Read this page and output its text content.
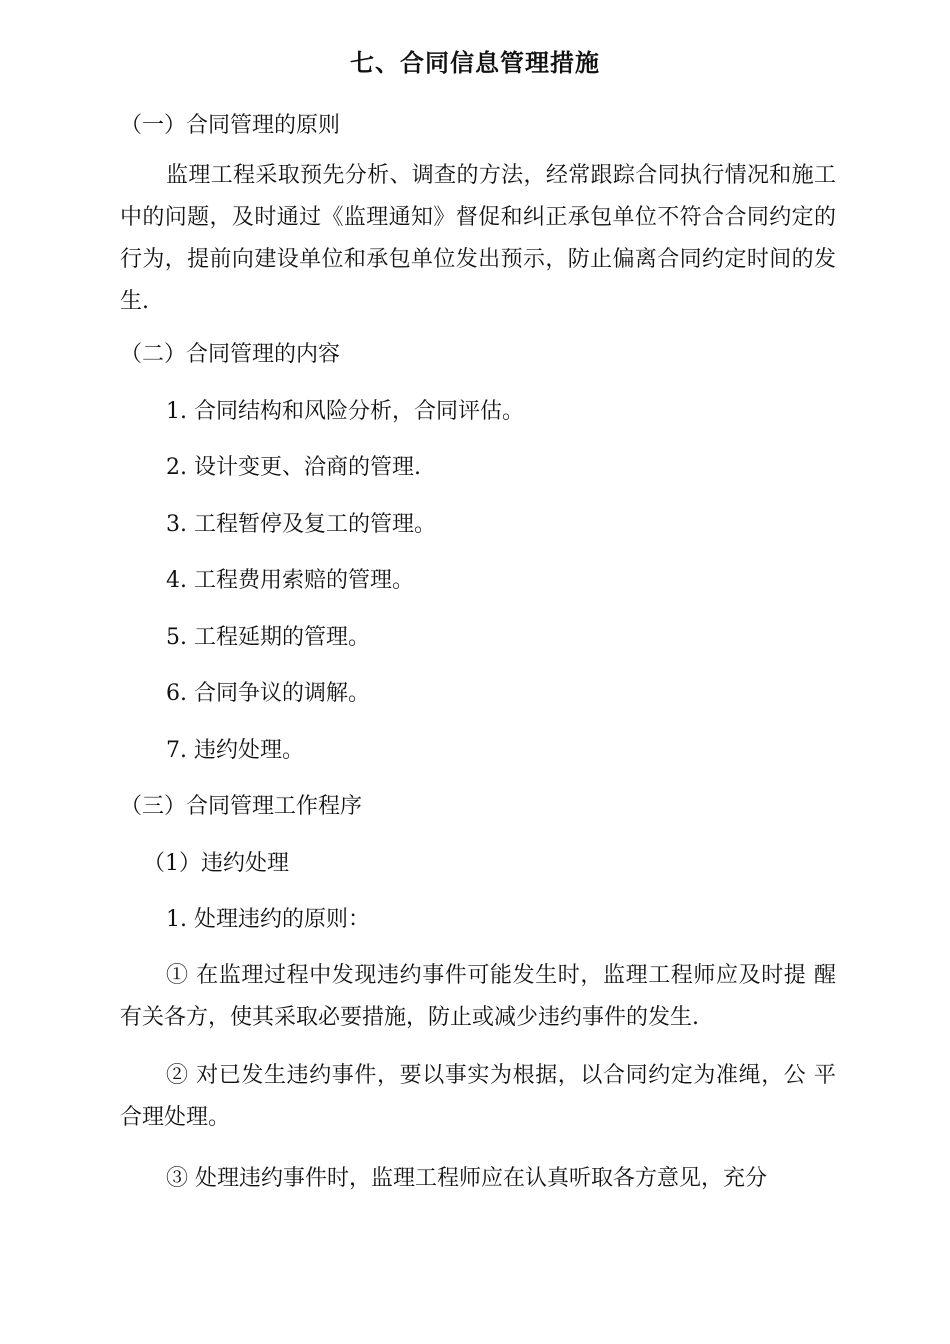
七、合同信息管理措施
（一）合同管理的原则
监理工程采取预先分析、调查的方法，经常跟踪合同执行情况和施工中的问题，及时通过《监理通知》督促和纠正承包单位不符合合同约定的行为，提前向建设单位和承包单位发出预示，防止偏离合同约定时间的发生.
（二）合同管理的内容
1. 合同结构和风险分析，合同评估。
2. 设计变更、洽商的管理.
3. 工程暂停及复工的管理。
4. 工程费用索赔的管理。
5. 工程延期的管理。
6. 合同争议的调解。
7. 违约处理。
（三）合同管理工作程序
（1）违约处理
1. 处理违约的原则：
① 在监理过程中发现违约事件可能发生时，监理工程师应及时提 醒有关各方，使其采取必要措施，防止或减少违约事件的发生.
② 对已发生违约事件，要以事实为根据，以合同约定为准绳，公 平合理处理。
③ 处理违约事件时，监理工程师应在认真听取各方意见，充分
